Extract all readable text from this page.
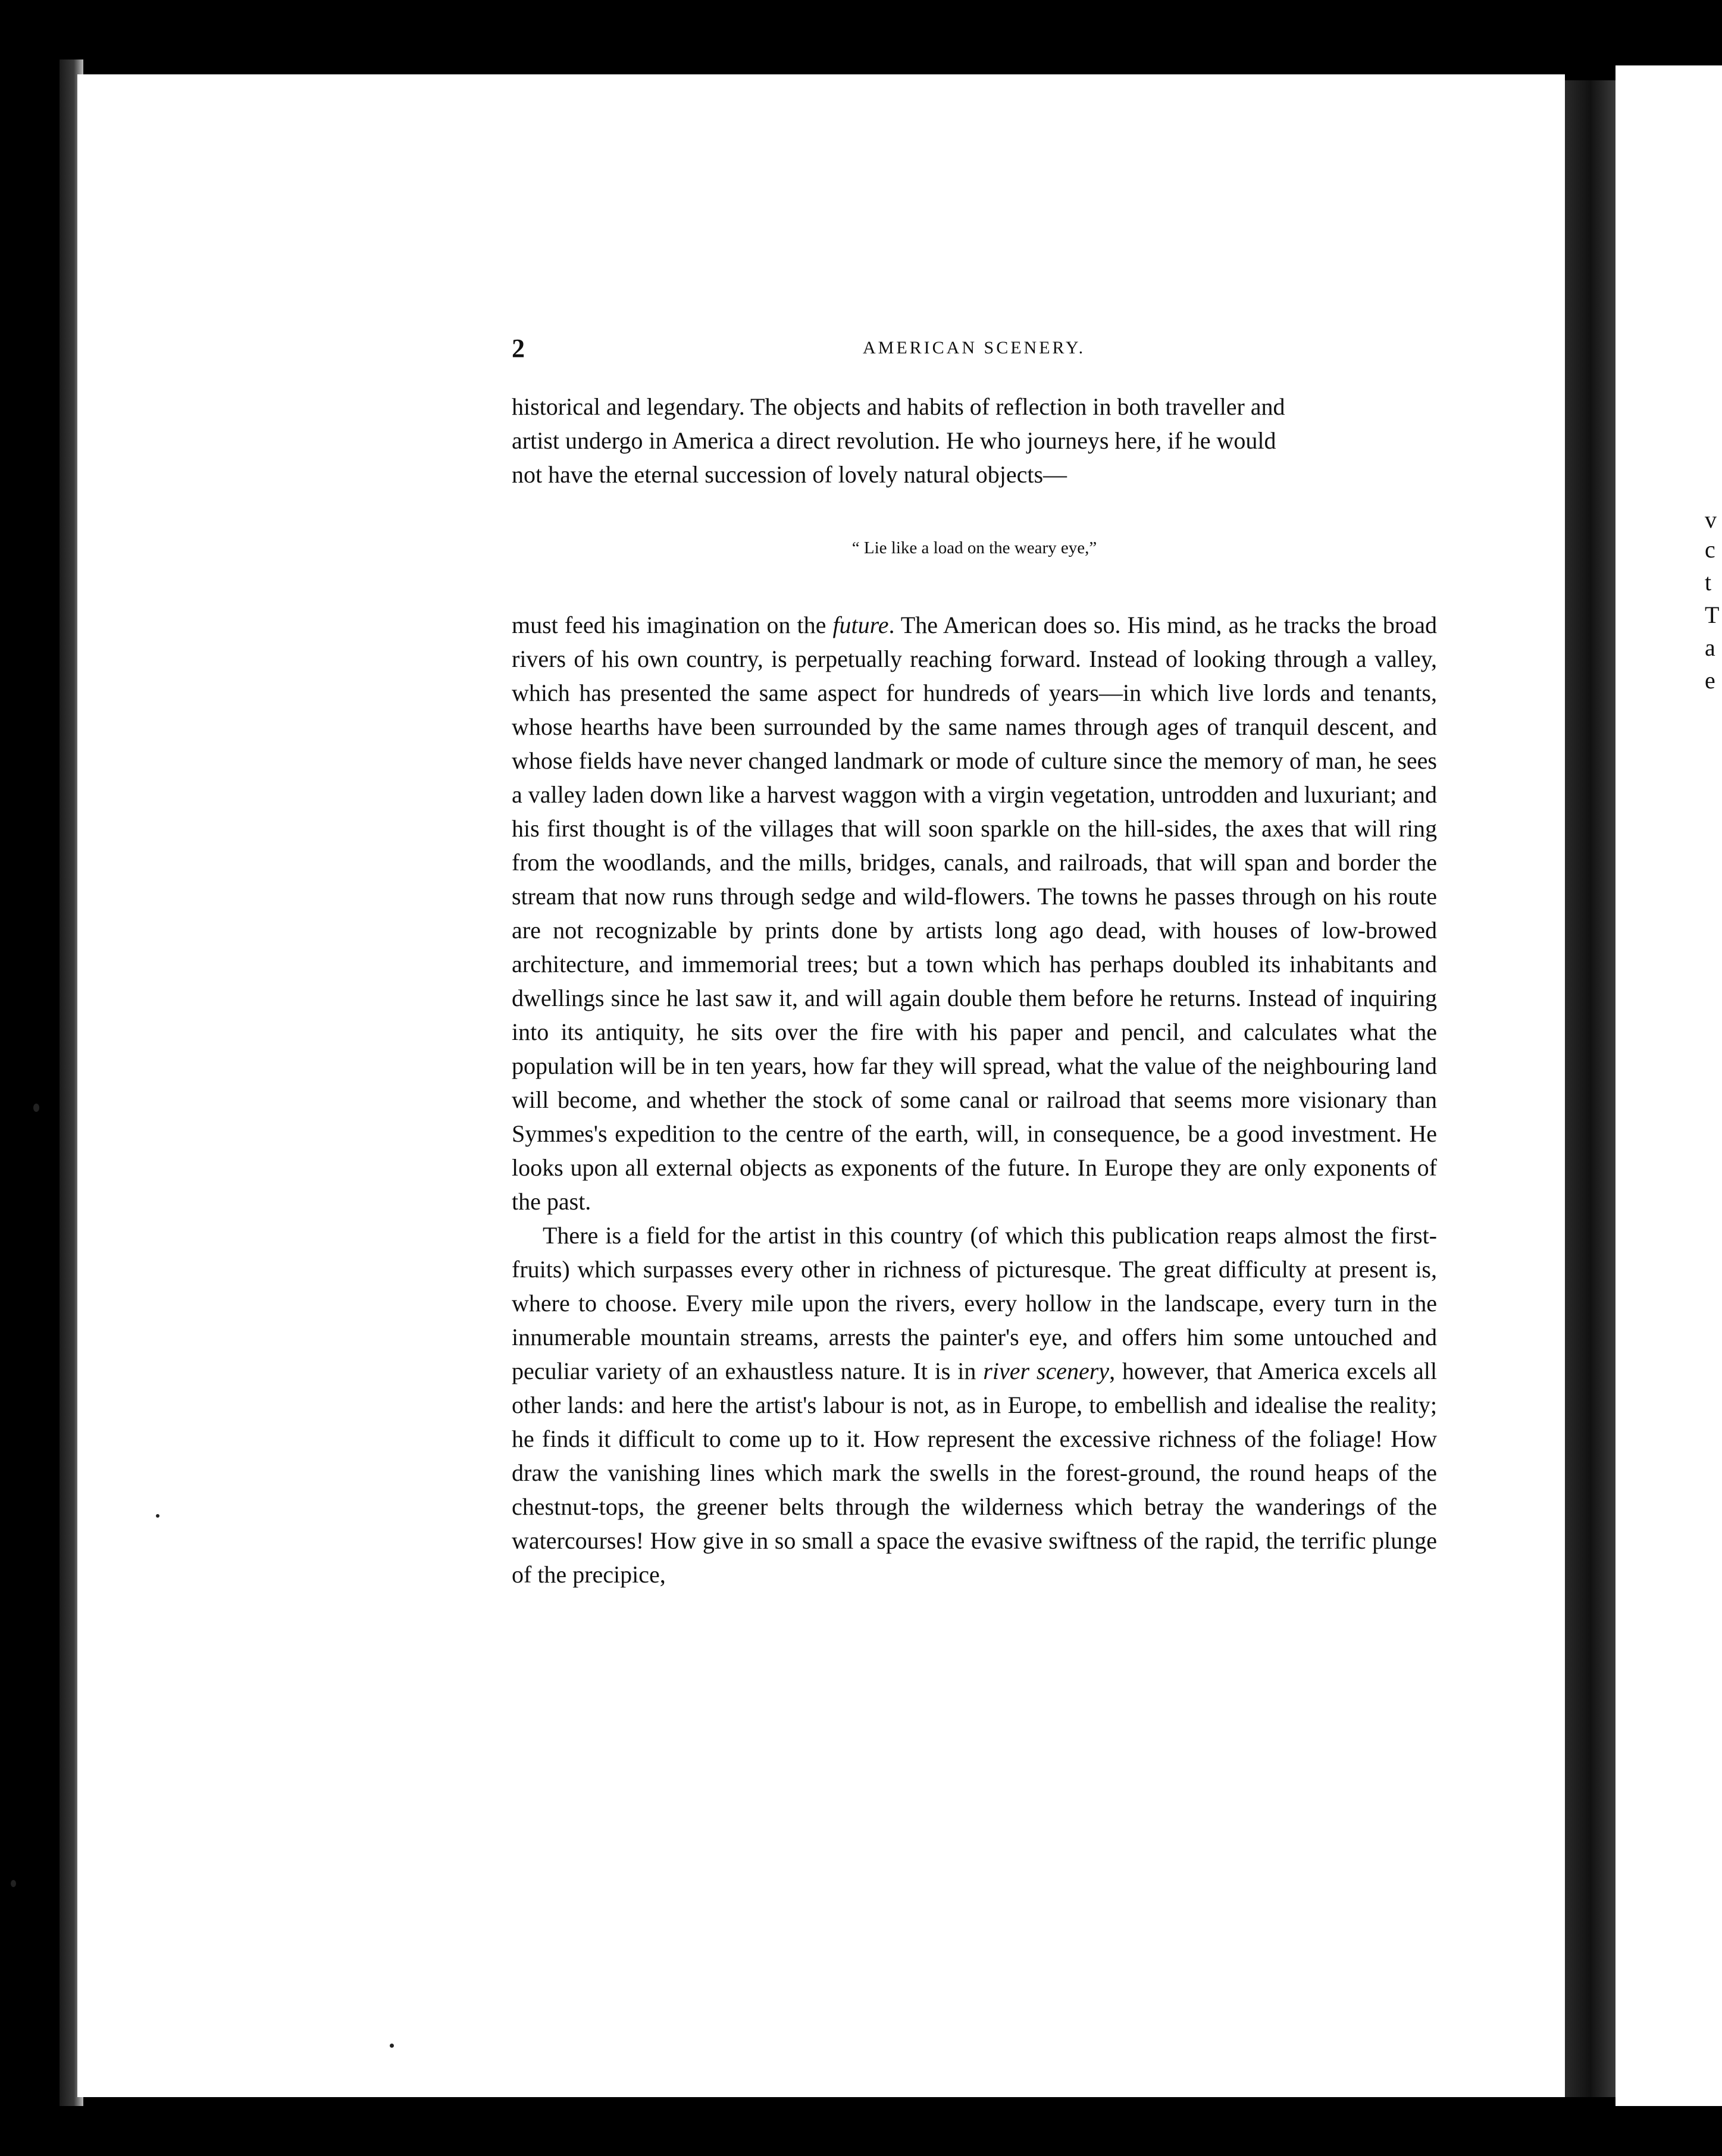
v
c
t
T
a
e
2	AMERICAN SCENERY.
historical and legendary. The objects and habits of reflection in both traveller and
artist undergo in America a direct revolution. He who journeys here, if he would
not have the eternal succession of lovely natural objects—
“ Lie like a load on the weary eye,”

must feed his imagination on the future. The American does so. His mind, as he tracks the broad rivers of his own country, is perpetually reaching forward. Instead of looking through a valley, which has presented the same aspect for hundreds of years—in which live lords and tenants, whose hearths have been surrounded by the same names through ages of tranquil descent, and whose fields have never changed landmark or mode of culture since the memory of man, he sees a valley laden down like a harvest waggon with a virgin vegetation, untrodden and luxuriant; and his first thought is of the villages that will soon sparkle on the hill-sides, the axes that will ring from the woodlands, and the mills, bridges, canals, and railroads, that will span and border the stream that now runs through sedge and wild-flowers. The towns he passes through on his route are not recognizable by prints done by artists long ago dead, with houses of low-browed architecture, and immemorial trees; but a town which has perhaps doubled its inhabitants and dwellings since he last saw it, and will again double them before he returns. Instead of inquiring into its antiquity, he sits over the fire with his paper and pencil, and calculates what the population will be in ten years, how far they will spread, what the value of the neighbouring land will become, and whether the stock of some canal or railroad that seems more visionary than Symmes's expedition to the centre of the earth, will, in consequence, be a good investment. He looks upon all external objects as exponents of the future. In Europe they are only exponents of the past.

There is a field for the artist in this country (of which this publication reaps almost the first-fruits) which surpasses every other in richness of picturesque. The great difficulty at present is, where to choose. Every mile upon the rivers, every hollow in the landscape, every turn in the innumerable mountain streams, arrests the painter's eye, and offers him some untouched and peculiar variety of an exhaustless nature. It is in river scenery, however, that America excels all other lands: and here the artist's labour is not, as in Europe, to embellish and idealise the reality; he finds it difficult to come up to it. How represent the excessive richness of the foliage! How draw the vanishing lines which mark the swells in the forest-ground, the round heaps of the chestnut-tops, the greener belts through the wilderness which betray the wanderings of the watercourses! How give in so small a space the evasive swiftness of the rapid, the terrific plunge of the precipice,
